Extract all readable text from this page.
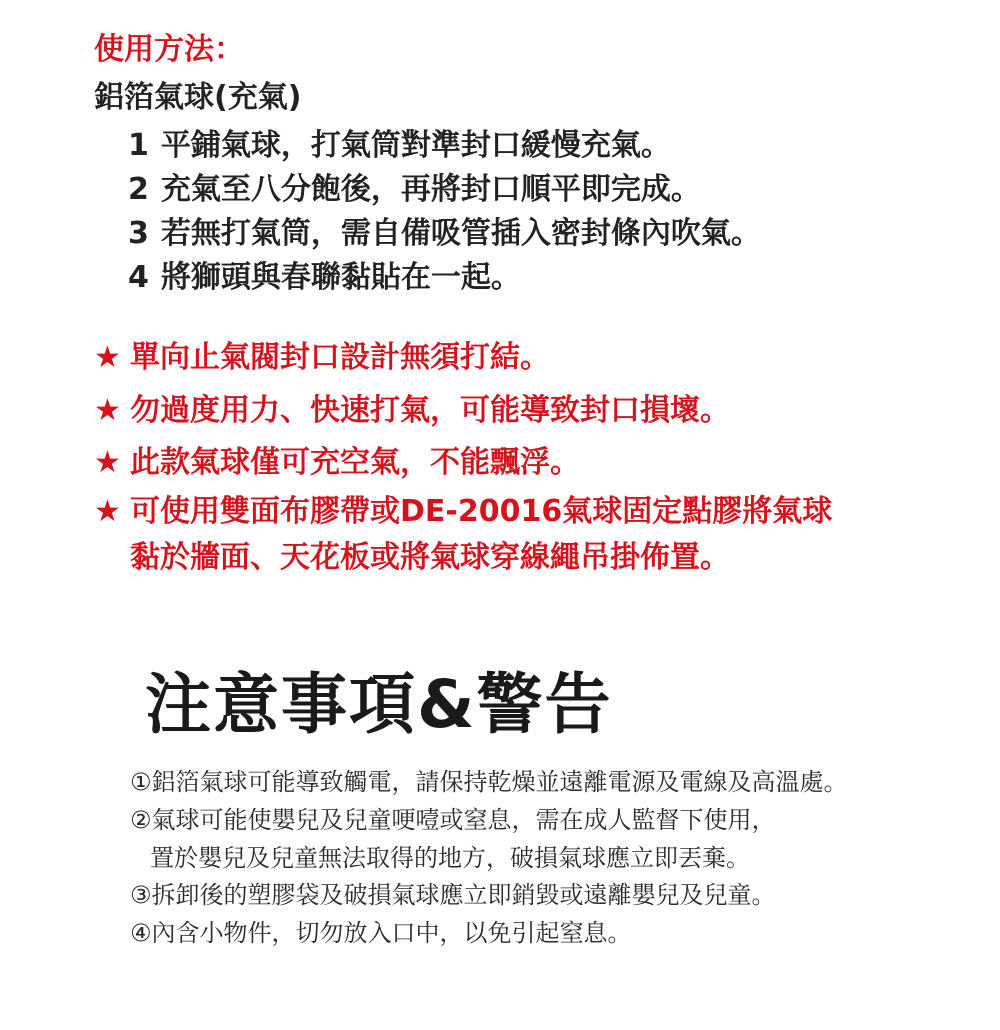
使用方法：
鋁箔氣球(充氣)
1 平鋪氣球，打氣筒對準封口緩慢充氣。
2 充氣至八分飽後，再將封口順平即完成。
3 若無打氣筒，需自備吸管插入密封條內吹氣。
4 將獅頭與春聯黏貼在一起。
★ 單向止氣閥封口設計無須打結。
★ 勿過度用力、快速打氣，可能導致封口損壞。
★ 此款氣球僅可充空氣，不能飄浮。
★ 可使用雙面布膠帶或DE-20016氣球固定點膠將氣球
黏於牆面、天花板或將氣球穿線繩吊掛佈置。
注意事項&警告
①鋁箔氣球可能導致觸電，請保持乾燥並遠離電源及電線及高溫處。
②氣球可能使嬰兒及兒童哽噎或窒息，需在成人監督下使用，
置於嬰兒及兒童無法取得的地方，破損氣球應立即丟棄。
③拆卸後的塑膠袋及破損氣球應立即銷毀或遠離嬰兒及兒童。
④內含小物件，切勿放入口中，以免引起窒息。
